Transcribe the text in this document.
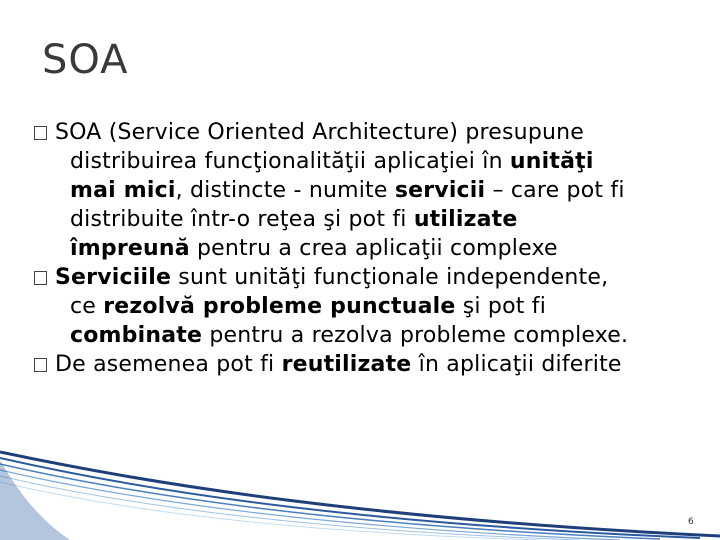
SOA
SOA (Service Oriented Architecture) presupune
distribuirea funcţionalităţii aplicaţiei în unităţi
mai mici, distincte - numite servicii – care pot fi
distribuite într-o reţea şi pot fi utilizate
împreună pentru a crea aplicaţii complexe
Serviciile sunt unităţi funcţionale independente,
ce rezolvă probleme punctuale şi pot fi
combinate pentru a rezolva probleme complexe.
De asemenea pot fi reutilizate în aplicaţii diferite
6
